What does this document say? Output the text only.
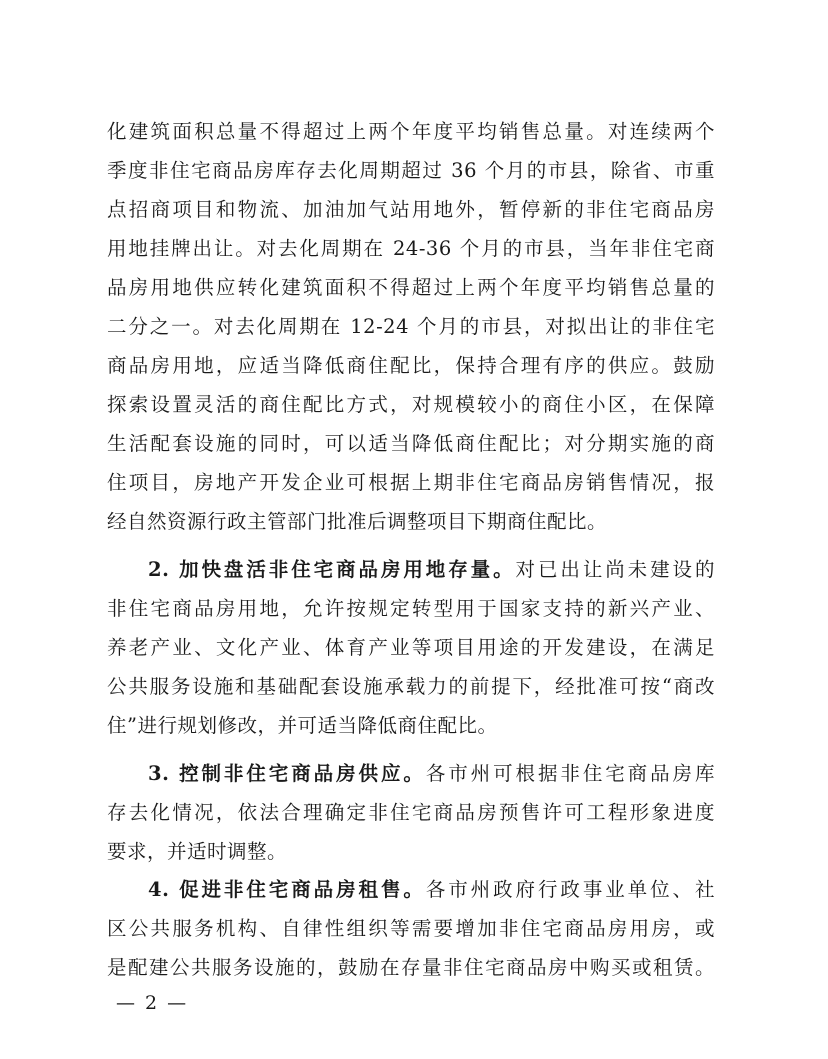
化建筑面积总量不得超过上两个年度平均销售总量。对连续两个
季度非住宅商品房库存去化周期超过 36 个月的市县，除省、市重
点招商项目和物流、加油加气站用地外，暂停新的非住宅商品房
用地挂牌出让。对去化周期在 24-36 个月的市县，当年非住宅商
品房用地供应转化建筑面积不得超过上两个年度平均销售总量的
二分之一。对去化周期在 12-24 个月的市县，对拟出让的非住宅
商品房用地，应适当降低商住配比，保持合理有序的供应。鼓励
探索设置灵活的商住配比方式，对规模较小的商住小区，在保障
生活配套设施的同时，可以适当降低商住配比；对分期实施的商
住项目，房地产开发企业可根据上期非住宅商品房销售情况，报
经自然资源行政主管部门批准后调整项目下期商住配比。
2. 加快盘活非住宅商品房用地存量。对已出让尚未建设的
非住宅商品房用地，允许按规定转型用于国家支持的新兴产业、
养老产业、文化产业、体育产业等项目用途的开发建设，在满足
公共服务设施和基础配套设施承载力的前提下，经批准可按“商改
住”进行规划修改，并可适当降低商住配比。
3. 控制非住宅商品房供应。各市州可根据非住宅商品房库
存去化情况，依法合理确定非住宅商品房预售许可工程形象进度
要求，并适时调整。
4. 促进非住宅商品房租售。各市州政府行政事业单位、社
区公共服务机构、自律性组织等需要增加非住宅商品房用房，或
是配建公共服务设施的，鼓励在存量非住宅商品房中购买或租赁。
— 2 —
